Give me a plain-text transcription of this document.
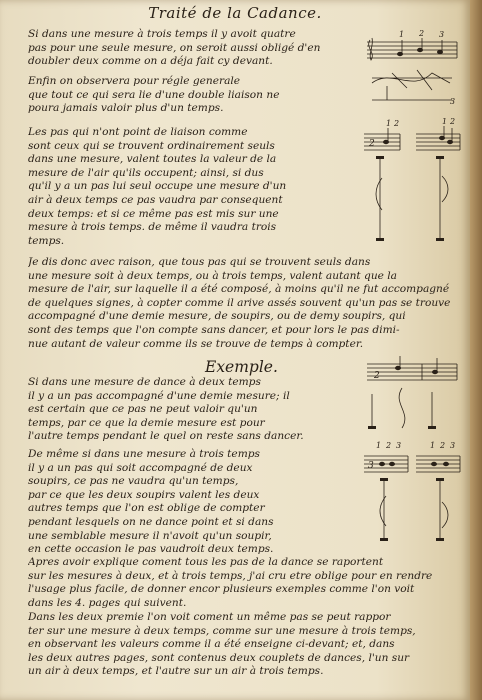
Traité de la Cadance.
Si dans une mesure à trois temps il y avoit quatre
pas pour une seule mesure, on seroit aussi obligé d'en
doubler deux comme on a déja fait cy devant.
Enfin on observera pour régle generale
que tout ce qui sera lie d'une double liaison ne
poura jamais valoir plus d'un temps.
Les pas qui n'ont point de liaison comme
sont ceux qui se trouvent ordinairement seuls
dans une mesure, valent toutes la valeur de la
mesure de l'air qu'ils occupent; ainsi, si dus
qu'il y a un pas lui seul occupe une mesure d'un
air à deux temps ce pas vaudra par consequent
deux temps: et si ce même pas est mis sur une
mesure à trois temps. de même il vaudra trois
temps.
Je dis donc avec raison, que tous pas qui se trouvent seuls dans
une mesure soit à deux temps, ou à trois temps, valent autant que la
mesure de l'air, sur laquelle il a été composé, à moins qu'il ne fut accompagné
de quelques signes, à copter comme il arive assés souvent qu'un pas se trouve
accompagné d'une demie mesure, de soupirs, ou de demy soupirs, qui
sont des temps que l'on compte sans dancer, et pour lors le pas dimi-
nue autant de valeur comme ils se trouve de temps à compter.
Exemple.
Si dans une mesure de dance à deux temps
il y a un pas accompagné d'une demie mesure; il
est certain que ce pas ne peut valoir qu'un
temps, par ce que la demie mesure est pour
l'autre temps pendant le quel on reste sans dancer.
De même si dans une mesure à trois temps
il y a un pas qui soit accompagné de deux
soupirs, ce pas ne vaudra qu'un temps,
par ce que les deux soupirs valent les deux
autres temps que l'on est oblige de compter
pendant lesquels on ne dance point et si dans
une semblable mesure il n'avoit qu'un soupir,
en cette occasion le pas vaudroit deux temps.
Apres avoir explique coment tous les pas de la dance se raportent
sur les mesures à deux, et à trois temps, j'ai cru etre oblige pour en rendre
l'usage plus facile, de donner encor plusieurs exemples comme l'on voit
dans les 4. pages qui suivent.
Dans les deux premie l'on voit coment un même pas se peut rappor
ter sur une mesure à deux temps, comme sur une mesure à trois temps,
en observant les valeurs comme il a été enseigne ci-devant; et, dans
les deux autres pages, sont contenus deux couplets de dances, l'un sur
un air à deux temps, et l'autre sur un air à trois temps.
1 2 3
3
1 2	1 2
2
2
1 2 3	1 2 3
3
